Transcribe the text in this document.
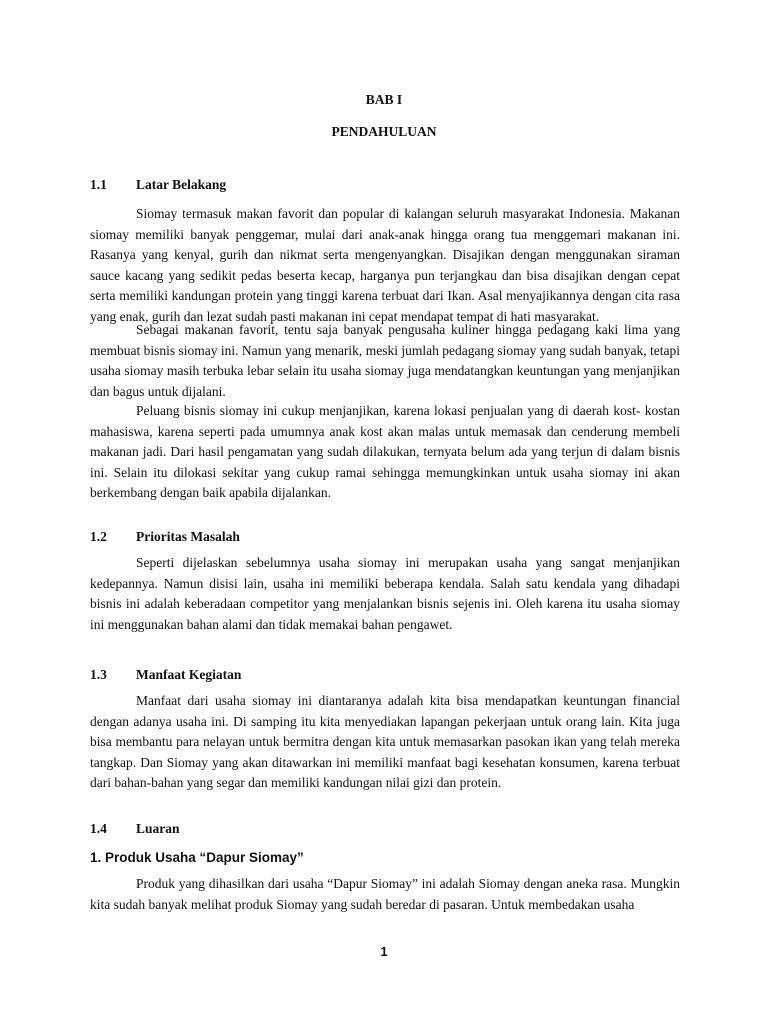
BAB I

PENDAHULUAN

1.1 Latar Belakang

Siomay termasuk makan favorit dan popular di kalangan seluruh masyarakat Indonesia. Makanan siomay memiliki banyak penggemar, mulai dari anak-anak hingga orang tua menggemari makanan ini. Rasanya yang kenyal, gurih dan nikmat serta mengenyangkan. Disajikan dengan menggunakan siraman sauce kacang yang sedikit pedas beserta kecap, harganya pun terjangkau dan bisa disajikan dengan cepat serta memiliki kandungan protein yang tinggi karena terbuat dari Ikan. Asal menyajikannya dengan cita rasa yang enak, gurih dan lezat sudah pasti makanan ini cepat mendapat tempat di hati masyarakat.

Sebagai makanan favorit, tentu saja banyak pengusaha kuliner hingga pedagang kaki lima yang membuat bisnis siomay ini. Namun yang menarik, meski jumlah pedagang siomay yang sudah banyak, tetapi usaha siomay masih terbuka lebar selain itu usaha siomay juga mendatangkan keuntungan yang menjanjikan dan bagus untuk dijalani.

Peluang bisnis siomay ini cukup menjanjikan, karena lokasi penjualan yang di daerah kost- kostan mahasiswa, karena seperti pada umumnya anak kost akan malas untuk memasak dan cenderung membeli makanan jadi. Dari hasil pengamatan yang sudah dilakukan, ternyata belum ada yang terjun di dalam bisnis ini. Selain itu dilokasi sekitar yang cukup ramai sehingga memungkinkan untuk usaha siomay ini akan berkembang dengan baik apabila dijalankan.

1.2 Prioritas Masalah

Seperti dijelaskan sebelumnya usaha siomay ini merupakan usaha yang sangat menjanjikan kedepannya. Namun disisi lain, usaha ini memiliki beberapa kendala. Salah satu kendala yang dihadapi bisnis ini adalah keberadaan competitor yang menjalankan bisnis sejenis ini. Oleh karena itu usaha siomay ini menggunakan bahan alami dan tidak memakai bahan pengawet.

1.3 Manfaat Kegiatan

Manfaat dari usaha siomay ini diantaranya adalah kita bisa mendapatkan keuntungan financial dengan adanya usaha ini. Di samping itu kita menyediakan lapangan pekerjaan untuk orang lain. Kita juga bisa membantu para nelayan untuk bermitra dengan kita untuk memasarkan pasokan ikan yang telah mereka tangkap. Dan Siomay yang akan ditawarkan ini memiliki manfaat bagi kesehatan konsumen, karena terbuat dari bahan-bahan yang segar dan memiliki kandungan nilai gizi dan protein.

1.4 Luaran

1. Produk Usaha “Dapur Siomay”

Produk yang dihasilkan dari usaha “Dapur Siomay” ini adalah Siomay dengan aneka rasa. Mungkin kita sudah banyak melihat produk Siomay yang sudah beredar di pasaran. Untuk membedakan usaha

1
